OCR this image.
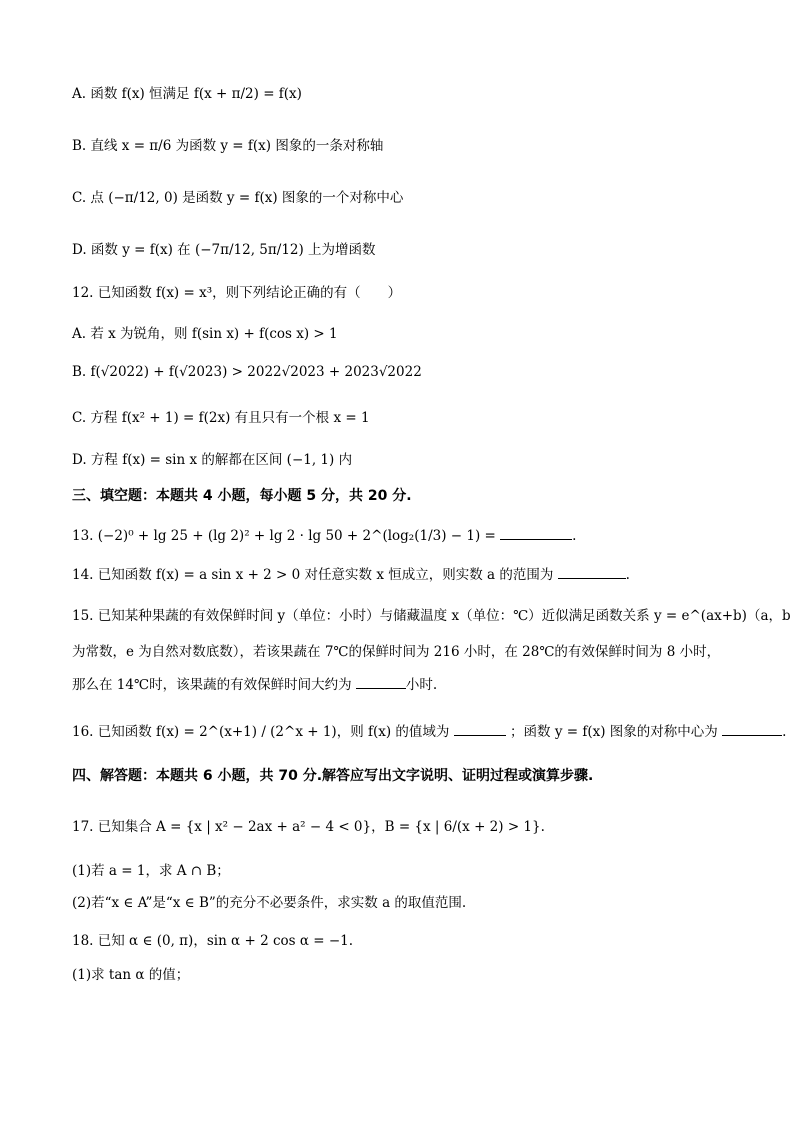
A. 函数 f(x) 恒满足 f(x + π/2) = f(x)
B. 直线 x = π/6 为函数 y = f(x) 图象的一条对称轴
C. 点 (−π/12, 0) 是函数 y = f(x) 图象的一个对称中心
D. 函数 y = f(x) 在 (−7π/12, 5π/12) 上为增函数
12. 已知函数 f(x) = x³，则下列结论正确的有（　　）
A. 若 x 为锐角，则 f(sin x) + f(cos x) > 1
B. f(√2022) + f(√2023) > 2022√2023 + 2023√2022
C. 方程 f(x² + 1) = f(2x) 有且只有一个根 x = 1
D. 方程 f(x) = sin x 的解都在区间 (−1, 1) 内
三、填空题：本题共 4 小题，每小题 5 分，共 20 分.
13. (−2)⁰ + lg 25 + (lg 2)² + lg 2 · lg 50 + 2^(log₂(1/3) − 1) =	.
14. 已知函数 f(x) = a sin x + 2 > 0 对任意实数 x 恒成立，则实数 a 的范围为	.
15. 已知某种果蔬的有效保鲜时间 y（单位：小时）与储藏温度 x（单位：℃）近似满足函数关系 y = e^(ax+b)（a，b
为常数，e 为自然对数底数），若该果蔬在 7℃的保鲜时间为 216 小时，在 28℃的有效保鲜时间为 8 小时，
那么在 14℃时，该果蔬的有效保鲜时间大约为	小时.
16. 已知函数 f(x) = 2^(x+1) / (2^x + 1)，则 f(x) 的值域为	；函数 y = f(x) 图象的对称中心为	.
四、解答题：本题共 6 小题，共 70 分.解答应写出文字说明、证明过程或演算步骤.
17. 已知集合 A = {x | x² − 2ax + a² − 4 < 0}，B = {x | 6/(x + 2) > 1}.
(1)若 a = 1，求 A ∩ B；
(2)若“x ∈ A”是“x ∈ B”的充分不必要条件，求实数 a 的取值范围.
18. 已知 α ∈ (0, π)，sin α + 2 cos α = −1.
(1)求 tan α 的值；
